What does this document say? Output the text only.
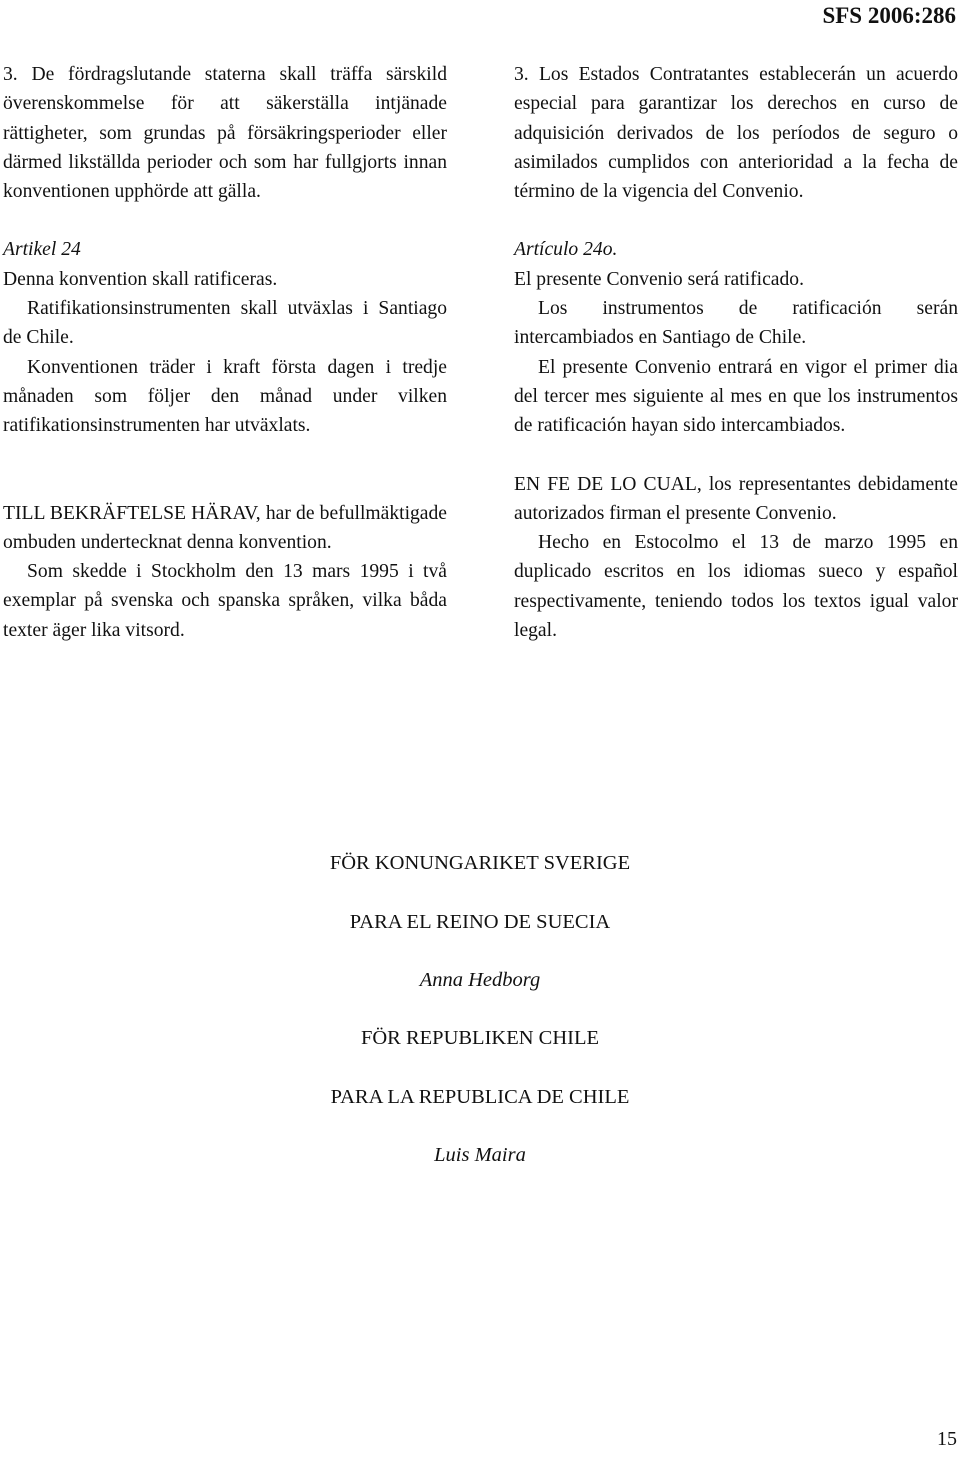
SFS 2006:286

3. De fördragslutande staterna skall träffa särskild överenskommelse för att säkerställa intjänade rättigheter, som grundas på försäkringsperioder eller därmed likställda perioder och som har fullgjorts innan konventionen upphörde att gälla.

Artikel 24

Denna konvention skall ratificeras.

Ratifikationsinstrumenten skall utväxlas i Santiago de Chile.

Konventionen träder i kraft första dagen i tredje månaden som följer den månad under vilken ratifikationsinstrumenten har utväxlats.

TILL BEKRÄFTELSE HÄRAV, har de befullmäktigade ombuden undertecknat denna konvention.

Som skedde i Stockholm den 13 mars 1995 i två exemplar på svenska och spanska språken, vilka båda texter äger lika vitsord.

3. Los Estados Contratantes establecerán un acuerdo especial para garantizar los derechos en curso de adquisición derivados de los períodos de seguro o asimilados cumplidos con anterioridad a la fecha de término de la vigencia del Convenio.

Artículo 24o.

El presente Convenio será ratificado.

Los instrumentos de ratificación serán intercambiados en Santiago de Chile.

El presente Convenio entrará en vigor el primer dia del tercer mes siguiente al mes en que los instrumentos de ratificación hayan sido intercambiados.

EN FE DE LO CUAL, los representantes debidamente autorizados firman el presente Convenio.

Hecho en Estocolmo el 13 de marzo 1995 en duplicado escritos en los idiomas sueco y español respectivamente, teniendo todos los textos igual valor legal.

FÖR KONUNGARIKET SVERIGE

PARA EL REINO DE SUECIA

Anna Hedborg

FÖR REPUBLIKEN CHILE

PARA LA REPUBLICA DE CHILE

Luis Maira

15
